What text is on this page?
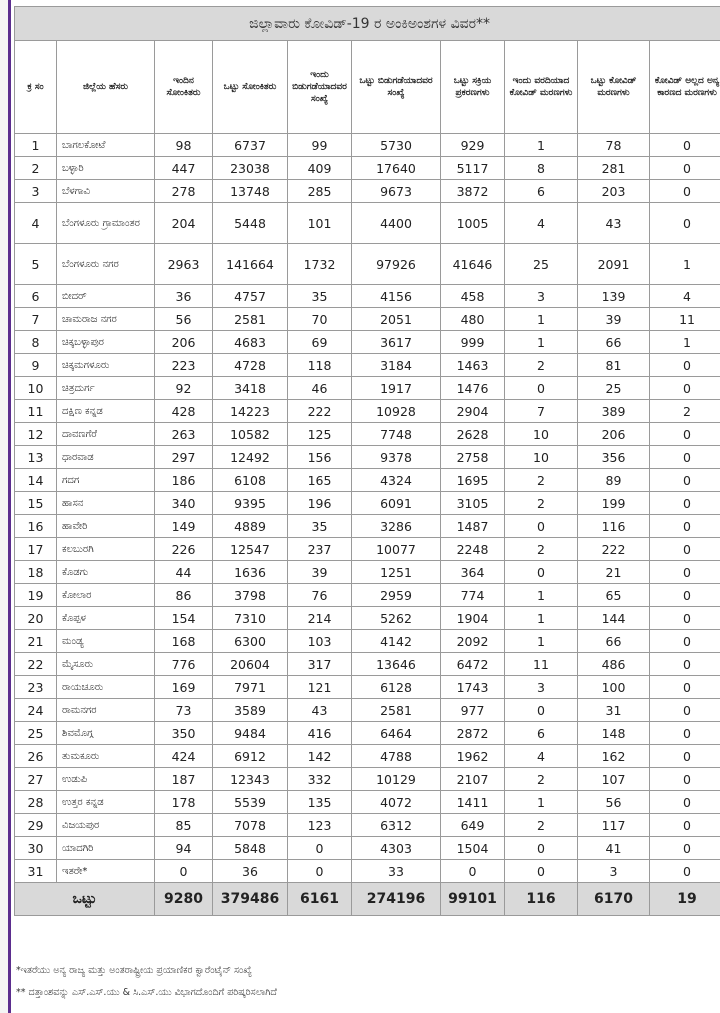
ಜಿಲ್ಲಾವಾರು ಕೋವಿಡ್-19 ರ ಅಂಕಿಅಂಶಗಳ ವಿವರ**									
ಕ್ರ ಸಂ	ಜಿಲ್ಲೆಯ ಹೆಸರು	ಇಂದಿನ ಸೋಂಕಿತರು	ಒಟ್ಟು ಸೋಂಕಿತರು	ಇಂದು ಬಿಡುಗಡೆಯಾದವರ ಸಂಖ್ಯೆ	ಒಟ್ಟು ಬಿಡುಗಡೆಯಾದವರ ಸಂಖ್ಯೆ	ಒಟ್ಟು ಸಕ್ರಿಯ ಪ್ರಕರಣಗಳು	ಇಂದು ವರದಿಯಾದ ಕೋವಿಡ್ ಮರಣಗಳು	ಒಟ್ಟು ಕೋವಿಡ್ ಮರಣಗಳು	ಕೋವಿಡ್ ಅಲ್ಲದ ಅನ್ಯ ಕಾರಣದ ಮರಣಗಳು
1	ಬಾಗಲಕೋಟೆ	98	6737	99	5730	929	1	78	0
2	ಬಳ್ಳಾರಿ	447	23038	409	17640	5117	8	281	0
3	ಬೆಳಗಾವಿ	278	13748	285	9673	3872	6	203	0
4	ಬೆಂಗಳೂರು ಗ್ರಾಮಾಂತರ	204	5448	101	4400	1005	4	43	0
5	ಬೆಂಗಳೂರು ನಗರ	2963	141664	1732	97926	41646	25	2091	1
6	ಬೀದರ್	36	4757	35	4156	458	3	139	4
7	ಚಾಮರಾಜ ನಗರ	56	2581	70	2051	480	1	39	11
8	ಚಿಕ್ಕಬಳ್ಳಾಪುರ	206	4683	69	3617	999	1	66	1
9	ಚಿಕ್ಕಮಗಳೂರು	223	4728	118	3184	1463	2	81	0
10	ಚಿತ್ರದುರ್ಗ	92	3418	46	1917	1476	0	25	0
11	ದಕ್ಷಿಣ ಕನ್ನಡ	428	14223	222	10928	2904	7	389	2
12	ದಾವಣಗೆರೆ	263	10582	125	7748	2628	10	206	0
13	ಧಾರವಾಡ	297	12492	156	9378	2758	10	356	0
14	ಗದಗ	186	6108	165	4324	1695	2	89	0
15	ಹಾಸನ	340	9395	196	6091	3105	2	199	0
16	ಹಾವೇರಿ	149	4889	35	3286	1487	0	116	0
17	ಕಲಬುರಗಿ	226	12547	237	10077	2248	2	222	0
18	ಕೊಡಗು	44	1636	39	1251	364	0	21	0
19	ಕೋಲಾರ	86	3798	76	2959	774	1	65	0
20	ಕೊಪ್ಪಳ	154	7310	214	5262	1904	1	144	0
21	ಮಂಡ್ಯ	168	6300	103	4142	2092	1	66	0
22	ಮೈಸೂರು	776	20604	317	13646	6472	11	486	0
23	ರಾಯಚೂರು	169	7971	121	6128	1743	3	100	0
24	ರಾಮನಗರ	73	3589	43	2581	977	0	31	0
25	ಶಿವಮೊಗ್ಗ	350	9484	416	6464	2872	6	148	0
26	ತುಮಕೂರು	424	6912	142	4788	1962	4	162	0
27	ಉಡುಪಿ	187	12343	332	10129	2107	2	107	0
28	ಉತ್ತರ ಕನ್ನಡ	178	5539	135	4072	1411	1	56	0
29	ವಿಜಯಪುರ	85	7078	123	6312	649	2	117	0
30	ಯಾದಗಿರಿ	94	5848	0	4303	1504	0	41	0
31	ಇತರೇ*	0	36	0	33	0	0	3	0
ಒಟ್ಟು		9280	379486	6161	274196	99101	116	6170	19
*ಇತರೆಯು ಅನ್ಯ ರಾಜ್ಯ ಮತ್ತು ಅಂತರಾಷ್ಟ್ರೀಯ ಪ್ರಯಾಣಿಕರ ಕ್ವಾರೆಂಟೈನ್ ಸಂಖ್ಯೆ
** ದತ್ತಾಂಶವನ್ನು ಎಸ್.ಎಸ್.ಯು & ಸಿ.ಎಸ್.ಯು ವಿಭಾಗದೊಂದಿಗೆ ಪರಿಷ್ಕರಿಸಲಾಗಿದೆ
